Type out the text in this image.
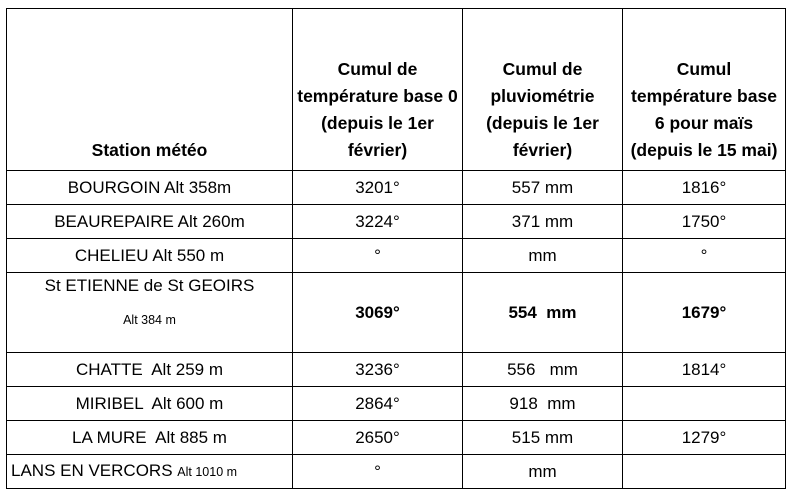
Station météo	Cumul de température base 0 (depuis le 1er février)	Cumul de pluviométrie (depuis le 1er février)	Cumul température base 6 pour maïs (depuis le 15 mai)
BOURGOIN Alt 358m	3201°	557 mm	1816°
BEAUREPAIRE Alt 260m	3224°	371 mm	1750°
CHELIEU Alt 550 m	°	mm	°

St ETIENNE de St GEOIRS
Alt 384 m	3069°	554  mm	1679°
CHATTE  Alt 259 m	3236°	556   mm	1814°
MIRIBEL  Alt 600 m	2864°	918  mm	
LA MURE  Alt 885 m	2650°	515 mm	1279°
LANS EN VERCORS Alt 1010 m	°	mm	
